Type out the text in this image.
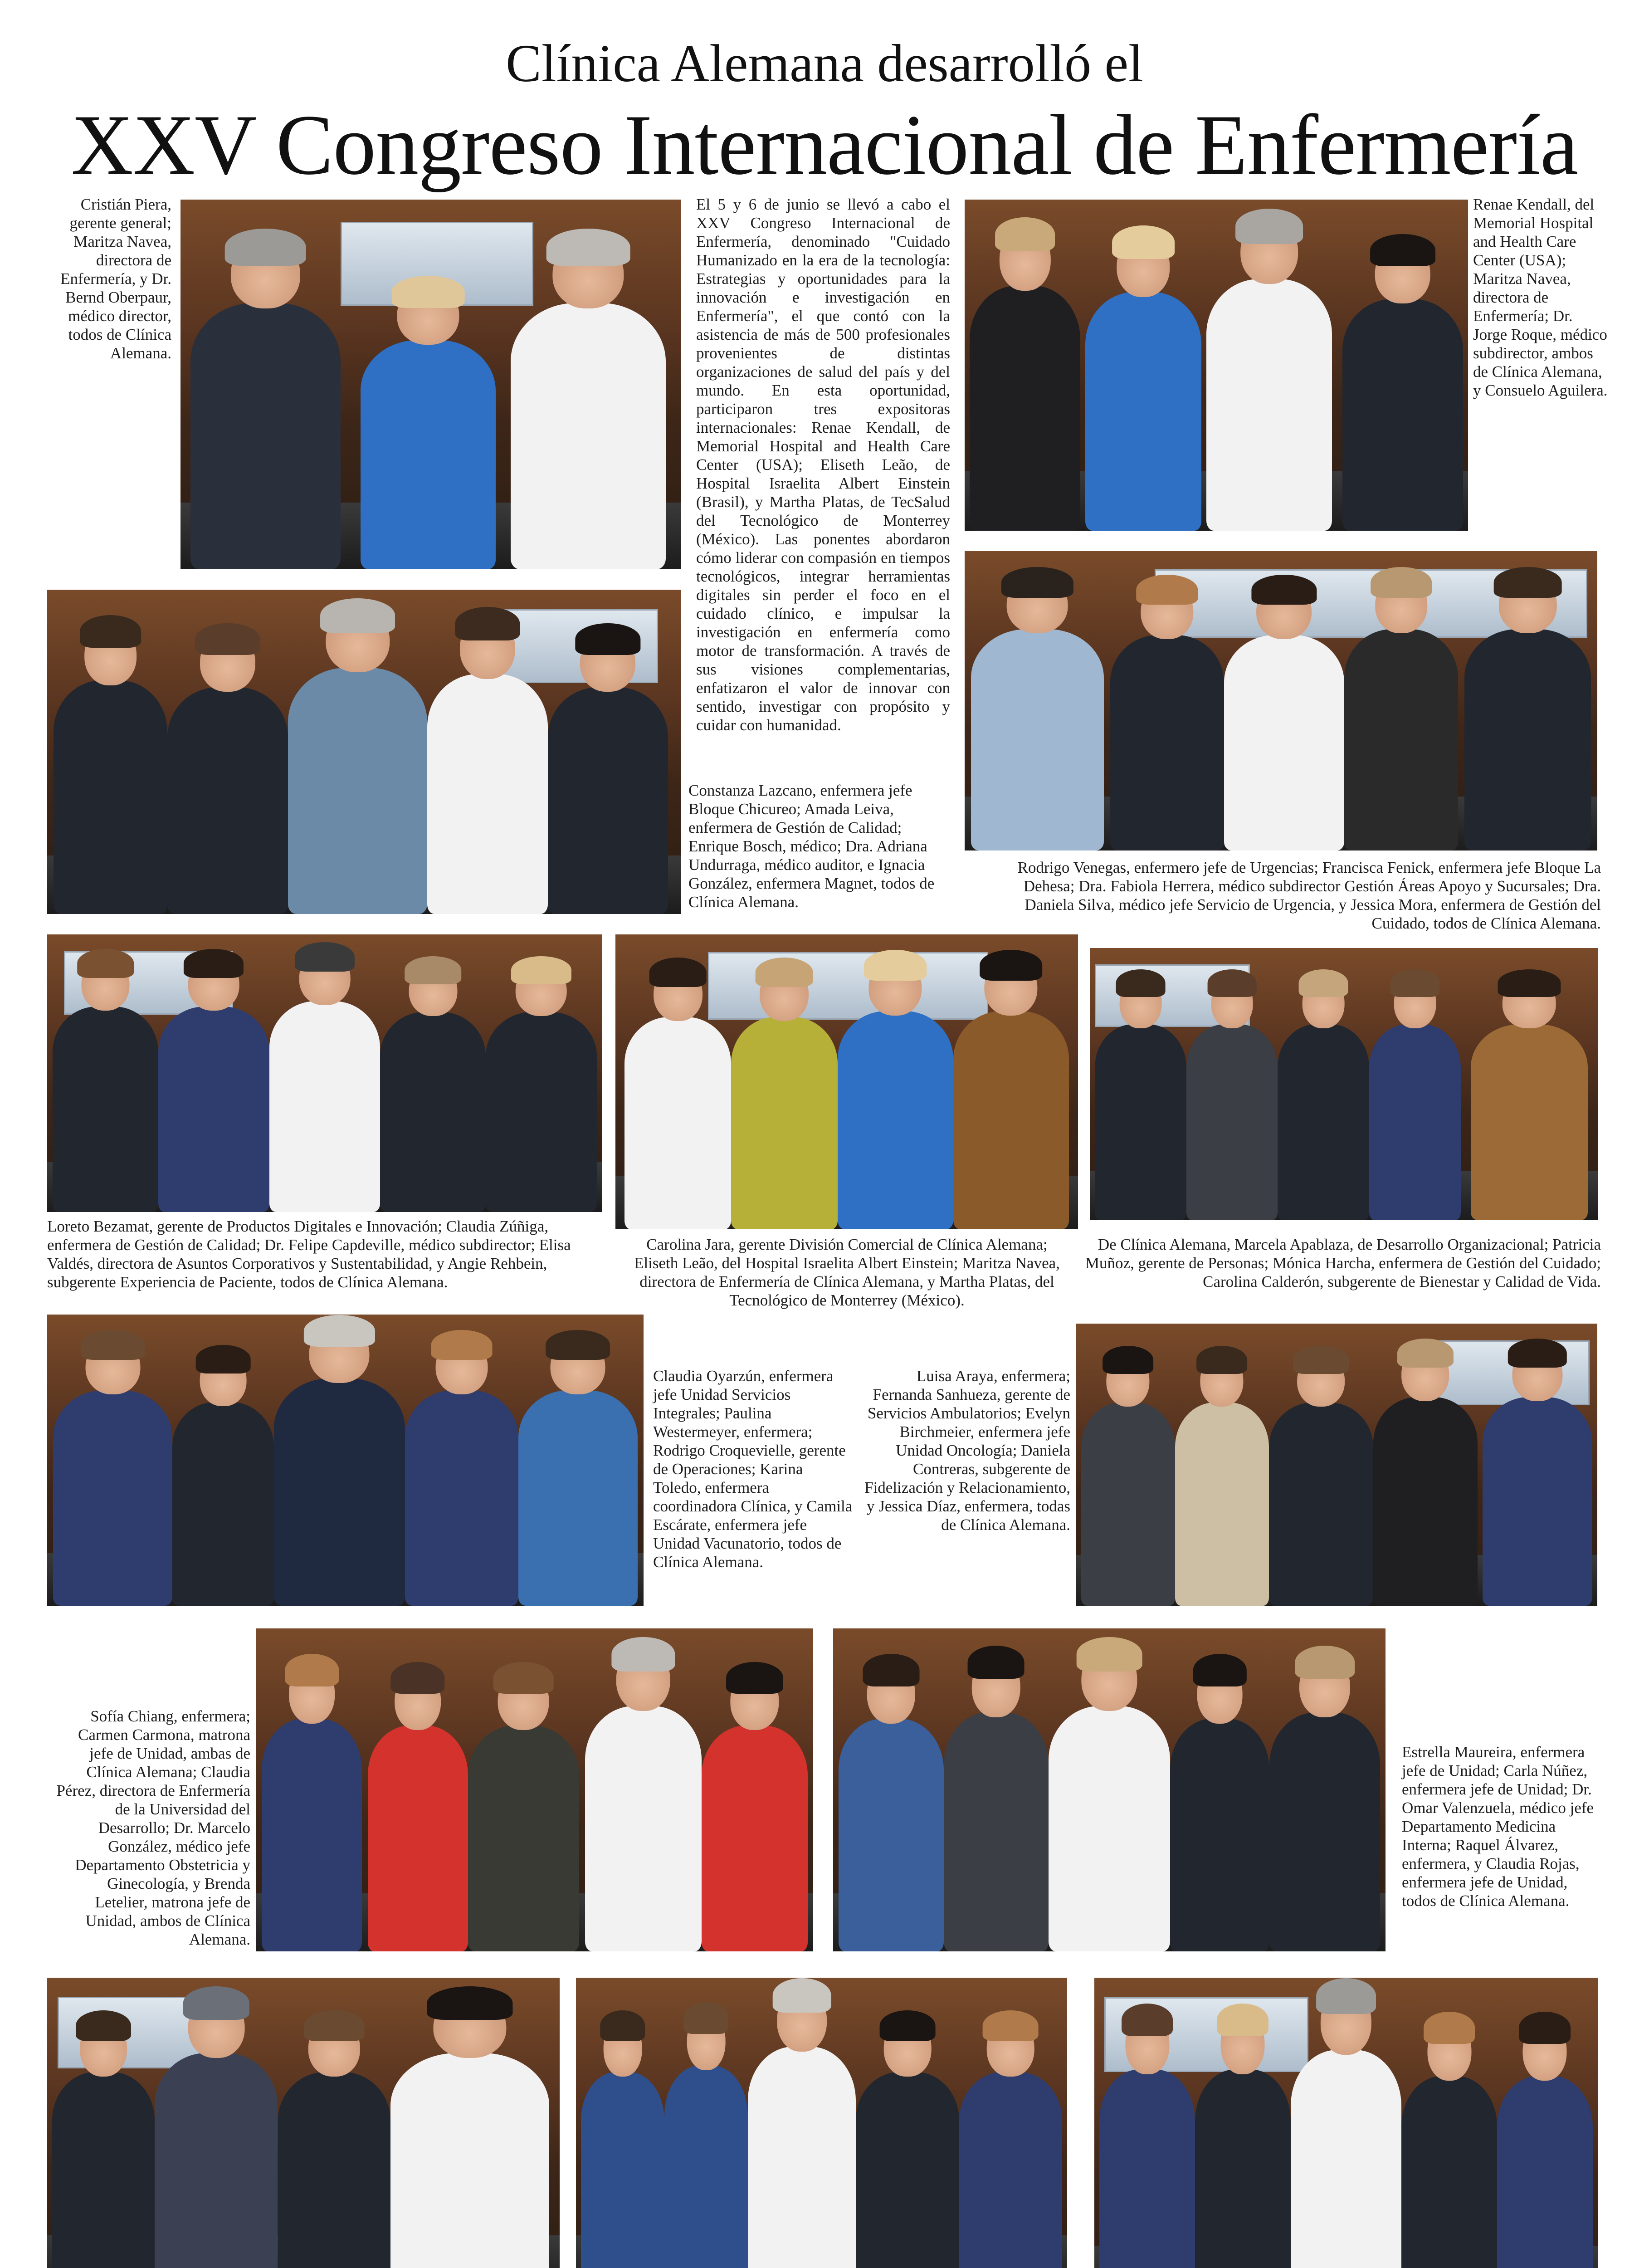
Clínica Alemana desarrolló el
XXV Congreso Internacional de Enfermería
Cristián Piera, gerente general; Maritza Navea, directora de Enfermería, y Dr. Bernd Oberpaur, médico director, todos de Clínica Alemana.
El 5 y 6 de junio se llevó a cabo el XXV Congreso Internacional de Enfermería, denominado "Cuidado Humanizado en la era de la tecnología: Estrategias y oportunidades para la innovación e investigación en Enfermería", el que contó con la asistencia de más de 500 profesionales provenientes de distintas organizaciones de salud del país y del mundo. En esta oportunidad, participaron tres expositoras internacionales: Renae Kendall, de Memorial Hospital and Health Care Center (USA); Eliseth Leão, de Hospital Israelita Albert Einstein (Brasil), y Martha Platas, de TecSalud del Tecnológico de Monterrey (México). Las ponentes abordaron cómo liderar con compasión en tiempos tecnológicos, integrar herramientas digitales sin perder el foco en el cuidado clínico, e impulsar la investigación en enfermería como motor de transformación. A través de sus visiones complementarias, enfatizaron el valor de innovar con sentido, investigar con propósito y cuidar con humanidad.
Renae Kendall, del Memorial Hospital and Health Care Center (USA); Maritza Navea, directora de Enfermería; Dr. Jorge Roque, médico subdirector, ambos de Clínica Alemana, y Consuelo Aguilera.
Constanza Lazcano, enfermera jefe Bloque Chicureo; Amada Leiva, enfermera de Gestión de Calidad; Enrique Bosch, médico; Dra. Adriana Undurraga, médico auditor, e Ignacia González, enfermera Magnet, todos de Clínica Alemana.
Rodrigo Venegas, enfermero jefe de Urgencias; Francisca Fenick, enfermera jefe Bloque La Dehesa; Dra. Fabiola Herrera, médico subdirector Gestión Áreas Apoyo y Sucursales; Dra. Daniela Silva, médico jefe Servicio de Urgencia, y Jessica Mora, enfermera de Gestión del Cuidado, todos de Clínica Alemana.
Loreto Bezamat, gerente de Productos Digitales e Innovación; Claudia Zúñiga, enfermera de Gestión de Calidad; Dr. Felipe Capdeville, médico subdirector; Elisa Valdés, directora de Asuntos Corporativos y Sustentabilidad, y Angie Rehbein, subgerente Experiencia de Paciente, todos de Clínica Alemana.
Carolina Jara, gerente División Comercial de Clínica Alemana; Eliseth Leão, del Hospital Israelita Albert Einstein; Maritza Navea, directora de Enfermería de Clínica Alemana, y Martha Platas, del Tecnológico de Monterrey (México).
De Clínica Alemana, Marcela Apablaza, de Desarrollo Organizacional; Patricia Muñoz, gerente de Personas; Mónica Harcha, enfermera de Gestión del Cuidado; Carolina Calderón, subgerente de Bienestar y Calidad de Vida.
Claudia Oyarzún, enfermera jefe Unidad Servicios Integrales; Paulina Westermeyer, enfermera; Rodrigo Croquevielle, gerente de Operaciones; Karina Toledo, enfermera coordinadora Clínica, y Camila Escárate, enfermera jefe Unidad Vacunatorio, todos de Clínica Alemana.
Luisa Araya, enfermera; Fernanda Sanhueza, gerente de Servicios Ambulatorios; Evelyn Birchmeier, enfermera jefe Unidad Oncología; Daniela Contreras, subgerente de Fidelización y Relacionamiento, y Jessica Díaz, enfermera, todas de Clínica Alemana.
Sofía Chiang, enfermera; Carmen Carmona, matrona jefe de Unidad, ambas de Clínica Alemana; Claudia Pérez, directora de Enfermería de la Universidad del Desarrollo; Dr. Marcelo González, médico jefe Departamento Obstetricia y Ginecología, y Brenda Letelier, matrona jefe de Unidad, ambos de Clínica Alemana.
Estrella Maureira, enfermera jefe de Unidad; Carla Núñez, enfermera jefe de Unidad; Dr. Omar Valenzuela, médico jefe Departamento Medicina Interna; Raquel Álvarez, enfermera, y Claudia Rojas, enfermera jefe de Unidad, todos de Clínica Alemana.
